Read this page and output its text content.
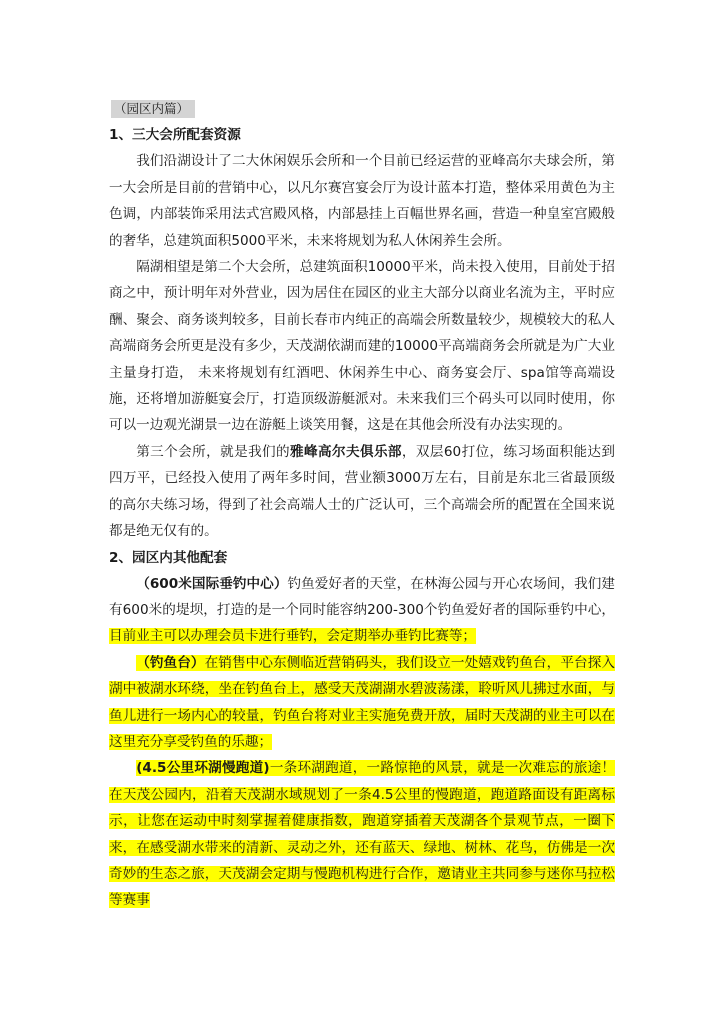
（园区内篇）
1、三大会所配套资源

我们沿湖设计了二大休闲娱乐会所和一个目前已经运营的亚峰高尔夫球会所，第一大会所是目前的营销中心，以凡尔赛宫宴会厅为设计蓝本打造，整体采用黄色为主色调，内部装饰采用法式宫殿风格，内部悬挂上百幅世界名画，营造一种皇室宫殿般的奢华，总建筑面积5000平米，未来将规划为私人休闲养生会所。

隔湖相望是第二个大会所，总建筑面积10000平米，尚未投入使用，目前处于招商之中，预计明年对外营业，因为居住在园区的业主大部分以商业名流为主，平时应酬、聚会、商务谈判较多，目前长春市内纯正的高端会所数量较少，规模较大的私人高端商务会所更是没有多少，天茂湖依湖而建的10000平高端商务会所就是为广大业主量身打造， 未来将规划有红酒吧、休闲养生中心、商务宴会厅、spa馆等高端设施，还将增加游艇宴会厅，打造顶级游艇派对。未来我们三个码头可以同时使用，你可以一边观光湖景一边在游艇上谈笑用餐，这是在其他会所没有办法实现的。

第三个会所，就是我们的雅峰高尔夫俱乐部，双层60打位，练习场面积能达到四万平，已经投入使用了两年多时间，营业额3000万左右，目前是东北三省最顶级的高尔夫练习场，得到了社会高端人士的广泛认可，三个高端会所的配置在全国来说都是绝无仅有的。

2、园区内其他配套

（600米国际垂钓中心）钓鱼爱好者的天堂，在林海公园与开心农场间，我们建有600米的堤坝，打造的是一个同时能容纳200-300个钓鱼爱好者的国际垂钓中心，目前业主可以办理会员卡进行垂钓，会定期举办垂钓比赛等；

（钓鱼台）在销售中心东侧临近营销码头，我们设立一处嬉戏钓鱼台，平台探入湖中被湖水环绕，坐在钓鱼台上，感受天茂湖湖水碧波荡漾，聆听风儿拂过水面，与鱼儿进行一场内心的较量，钓鱼台将对业主实施免费开放，届时天茂湖的业主可以在这里充分享受钓鱼的乐趣；

(4.5公里环湖慢跑道)一条环湖跑道，一路惊艳的风景，就是一次难忘的旅途！在天茂公园内，沿着天茂湖水域规划了一条4.5公里的慢跑道，跑道路面设有距离标示，让您在运动中时刻掌握着健康指数，跑道穿插着天茂湖各个景观节点，一圈下来，在感受湖水带来的清新、灵动之外，还有蓝天、绿地、树林、花鸟，仿佛是一次奇妙的生态之旅，天茂湖会定期与慢跑机构进行合作，邀请业主共同参与迷你马拉松等赛事
